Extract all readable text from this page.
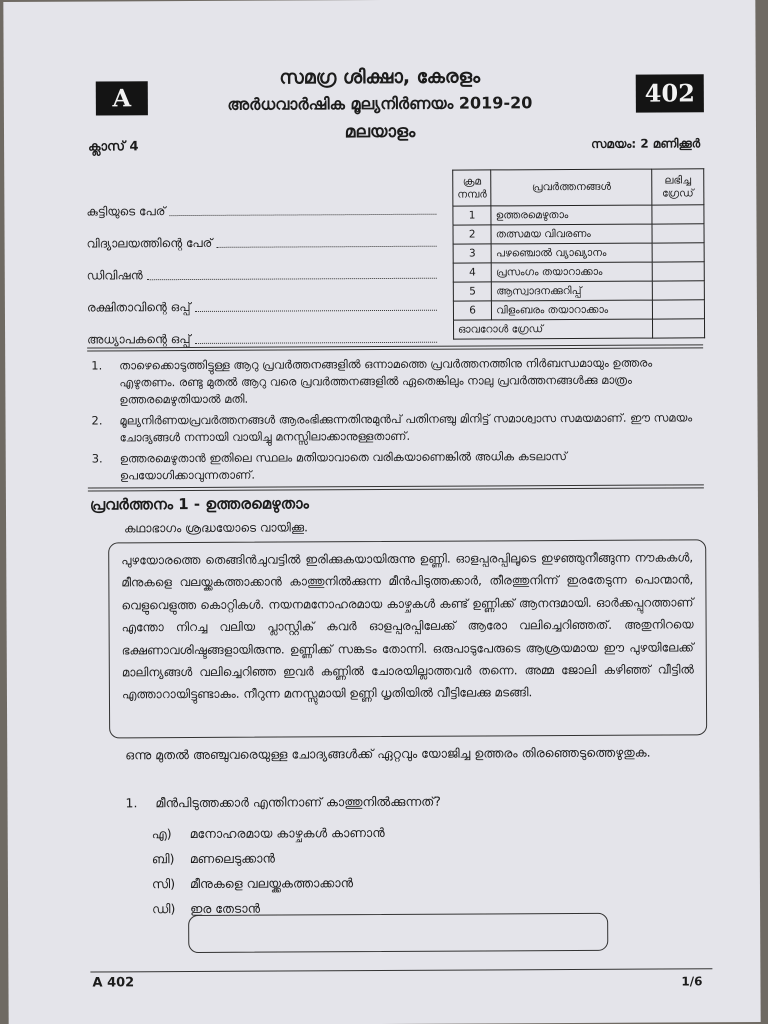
A	402
സമഗ്ര ശിക്ഷാ, കേരളം
അർധവാർഷിക മൂല്യനിർണയം 2019-20
മലയാളം
ക്ലാസ് 4	സമയം: 2 മണിക്കൂർ
കുട്ടിയുടെ പേര്
വിദ്യാലയത്തിന്റെ പേര്
ഡിവിഷൻ
രക്ഷിതാവിന്റെ ഒപ്പ്
അധ്യാപകന്റെ ഒപ്പ്
ക്രമ നമ്പർ	പ്രവർത്തനങ്ങൾ	ലഭിച്ച ഗ്രേഡ്
1	ഉത്തരമെഴുതാം	
2	തത്സമയ വിവരണം	
3	പഴഞ്ചൊൽ വ്യാഖ്യാനം	
4	പ്രസംഗം തയാറാക്കാം	
5	ആസ്വാദനക്കുറിപ്പ്	
6	വിളംബരം തയാറാക്കാം	
ഓവറോൾ ഗ്രേഡ്		
1.	താഴെക്കൊടുത്തിട്ടുള്ള ആറു പ്രവർത്തനങ്ങളിൽ ഒന്നാമത്തെ പ്രവർത്തനത്തിനു നിർബന്ധമായും ഉത്തരം എഴുതണം. രണ്ടു മുതൽ ആറു വരെ പ്രവർത്തനങ്ങളിൽ ഏതെങ്കിലും നാലു പ്രവർത്തനങ്ങൾക്കു മാത്രം ഉത്തരമെഴുതിയാൽ മതി.
2.	മൂല്യനിർണയപ്രവർത്തനങ്ങൾ ആരംഭിക്കുന്നതിനുമുൻപ് പതിനഞ്ചു മിനിട്ട് സമാശ്വാസ സമയമാണ്. ഈ സമയം ചോദ്യങ്ങൾ നന്നായി വായിച്ചു മനസ്സിലാക്കാനുള്ളതാണ്.
3.	ഉത്തരമെഴുതാൻ ഇതിലെ സ്ഥലം മതിയാവാതെ വരികയാണെങ്കിൽ അധിക കടലാസ് ഉപയോഗിക്കാവുന്നതാണ്.
പ്രവർത്തനം 1 - ഉത്തരമെഴുതാം
കഥാഭാഗം ശ്രദ്ധയോടെ വായിക്കൂ.
പുഴയോരത്തെ തെങ്ങിൻചുവട്ടിൽ ഇരിക്കുകയായിരുന്നു ഉണ്ണി. ഓളപ്പരപ്പിലൂടെ ഇഴഞ്ഞുനീങ്ങുന്ന നൗകകൾ, മീനുകളെ വലയ്ക്കകത്താക്കാൻ കാത്തുനിൽക്കുന്ന മീൻപിടുത്തക്കാർ, തീരത്തുനിന്ന് ഇരതേടുന്ന പൊന്മാൻ, വെളുവെളുത്ത കൊറ്റികൾ. നയനമനോഹരമായ കാഴ്ചകൾ കണ്ട് ഉണ്ണിക്ക് ആനന്ദമായി. ഓർക്കപ്പുറത്താണ് എന്തോ നിറച്ച വലിയ പ്ലാസ്റ്റിക് കവർ ഓളപ്പരപ്പിലേക്ക് ആരോ വലിച്ചെറിഞ്ഞത്. അതുനിറയെ ഭക്ഷണാവശിഷ്ടങ്ങളായിരുന്നു. ഉണ്ണിക്ക് സങ്കടം തോന്നി. ഒരുപാടുപേരുടെ ആശ്രയമായ ഈ പുഴയിലേക്ക് മാലിന്യങ്ങൾ വലിച്ചെറിഞ്ഞ ഇവർ കണ്ണിൽ ചോരയില്ലാത്തവർ തന്നെ. അമ്മ ജോലി കഴിഞ്ഞ് വീട്ടിൽ എത്താറായിട്ടുണ്ടാകും. നീറുന്ന മനസ്സുമായി ഉണ്ണി ധൃതിയിൽ വീട്ടിലേക്കു മടങ്ങി.
ഒന്നു മുതൽ അഞ്ചുവരെയുള്ള ചോദ്യങ്ങൾക്ക് ഏറ്റവും യോജിച്ച ഉത്തരം തിരഞ്ഞെടുത്തെഴുതുക.
1. മീൻപിടുത്തക്കാർ എന്തിനാണ് കാത്തുനിൽക്കുന്നത്?
എ)	മനോഹരമായ കാഴ്ചകൾ കാണാൻ
ബി)	മണലെടുക്കാൻ
സി)	മീനുകളെ വലയ്ക്കകത്താക്കാൻ
ഡി)	ഇര തേടാൻ
A 402	1/6
